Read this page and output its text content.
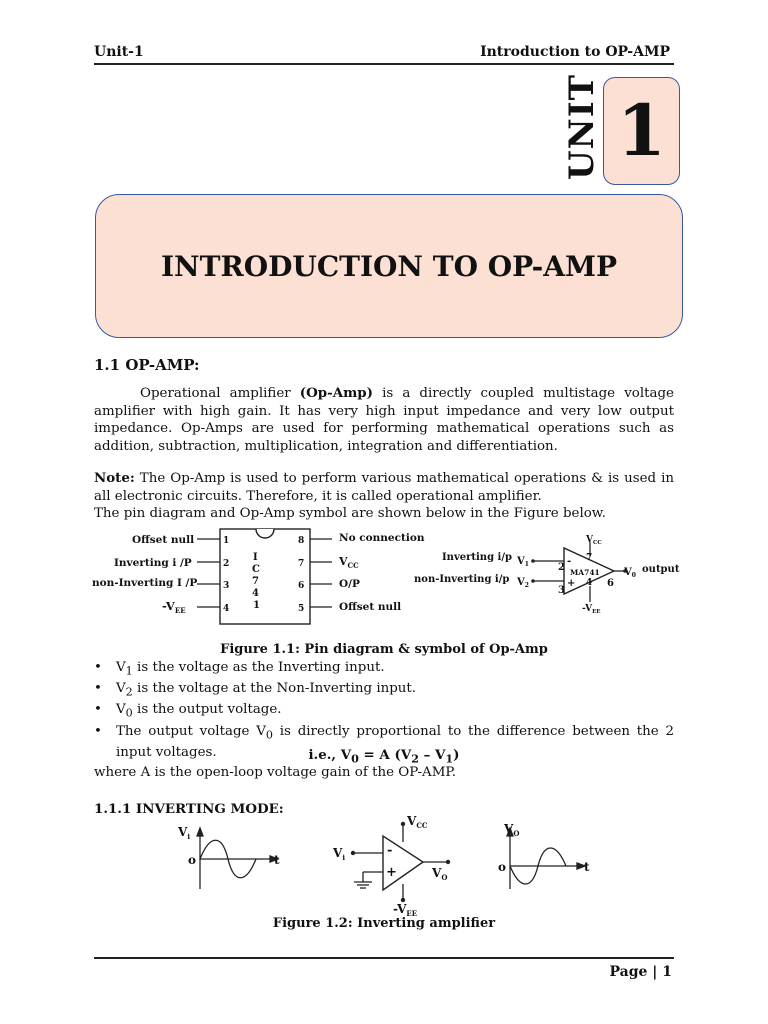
Unit-1	Introduction to OP-AMP
UNIT 1
INTRODUCTION TO OP-AMP
1.1 OP-AMP:
Operational amplifier (Op-Amp) is a directly coupled multistage voltage amplifier with high gain. It has very high input impedance and very low output impedance. Op-Amps are used for performing mathematical operations such as addition, subtraction, multiplication, integration and differentiation.
Note: The Op-Amp is used to perform various mathematical operations & is used in all electronic circuits. Therefore, it is called operational amplifier.
The pin diagram and Op-Amp symbol are shown below in the Figure below.
Offset null
Inverting i /P
non-Inverting I /P
$-V_{EE}$
1
2
3
4
8
7
6
5
I
C
7
4
1
No connection
$V_{CC}$
O/P
Offset null
Inverting i/p
non-Inverting i/p
$V_1$
$V_2$
-
+
MA741
2
3
7
4 6
$V_{CC}$
$-V_{EE}$
$V_0$
output
Figure 1.1: Pin diagram & symbol of Op-Amp
• $V_1$ is the voltage as the Inverting input.
• $V_2$ is the voltage at the Non-Inverting input.
• $V_0$ is the output voltage.
• The output voltage $V_0$ is directly proportional to the difference between the 2 input voltages.	i.e., $V_0 = A$ $(V_2 - V_1)$
where A is the open-loop voltage gain of the OP-AMP.
1.1.1 INVERTING MODE:
$V_i$
o	t
-
+
$V_{CC}$
$-V_{EE}$
$V_i$
$V_O$
$V_O$
o	t
Figure 1.2: Inverting amplifier
Page | 1
